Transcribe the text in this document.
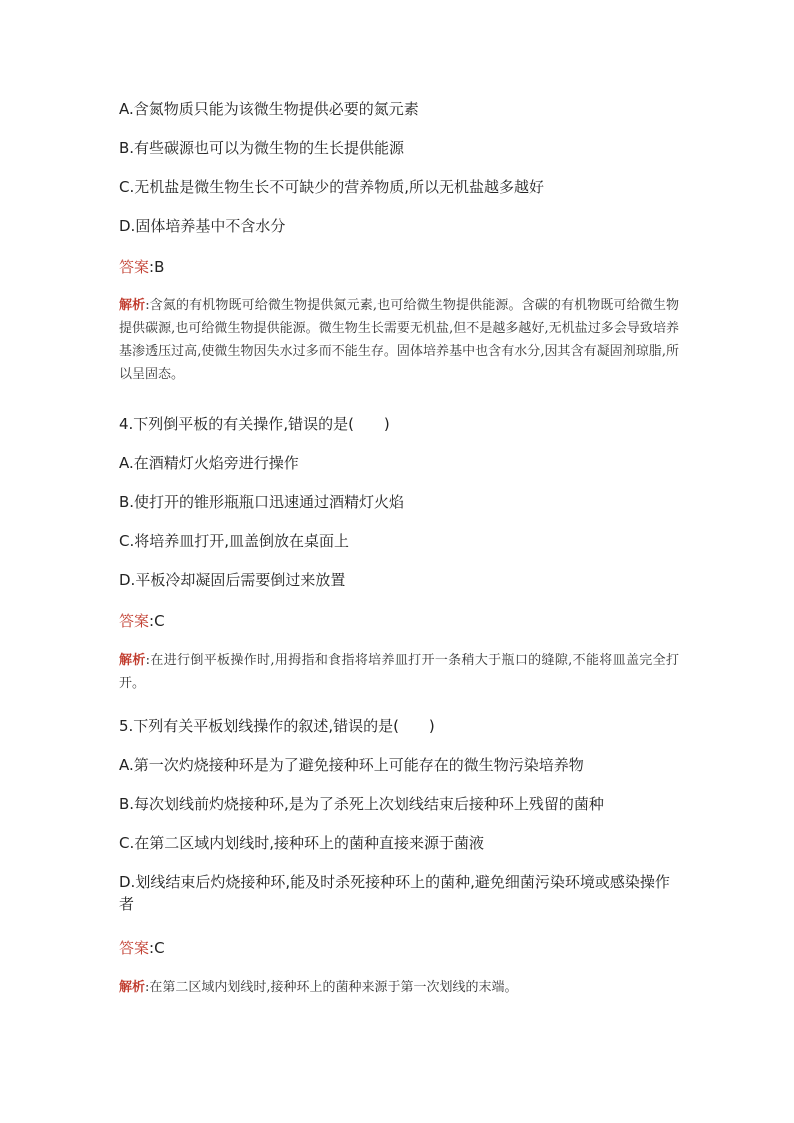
A.含氮物质只能为该微生物提供必要的氮元素
B.有些碳源也可以为微生物的生长提供能源
C.无机盐是微生物生长不可缺少的营养物质,所以无机盐越多越好
D.固体培养基中不含水分
答案:B
解析:含氮的有机物既可给微生物提供氮元素,也可给微生物提供能源。含碳的有机物既可给微生物提供碳源,也可给微生物提供能源。微生物生长需要无机盐,但不是越多越好,无机盐过多会导致培养基渗透压过高,使微生物因失水过多而不能生存。固体培养基中也含有水分,因其含有凝固剂琼脂,所以呈固态。
4.下列倒平板的有关操作,错误的是(　　)
A.在酒精灯火焰旁进行操作
B.使打开的锥形瓶瓶口迅速通过酒精灯火焰
C.将培养皿打开,皿盖倒放在桌面上
D.平板冷却凝固后需要倒过来放置
答案:C
解析:在进行倒平板操作时,用拇指和食指将培养皿打开一条稍大于瓶口的缝隙,不能将皿盖完全打开。
5.下列有关平板划线操作的叙述,错误的是(　　)
A.第一次灼烧接种环是为了避免接种环上可能存在的微生物污染培养物
B.每次划线前灼烧接种环,是为了杀死上次划线结束后接种环上残留的菌种
C.在第二区域内划线时,接种环上的菌种直接来源于菌液
D.划线结束后灼烧接种环,能及时杀死接种环上的菌种,避免细菌污染环境或感染操作者
答案:C
解析:在第二区域内划线时,接种环上的菌种来源于第一次划线的末端。
